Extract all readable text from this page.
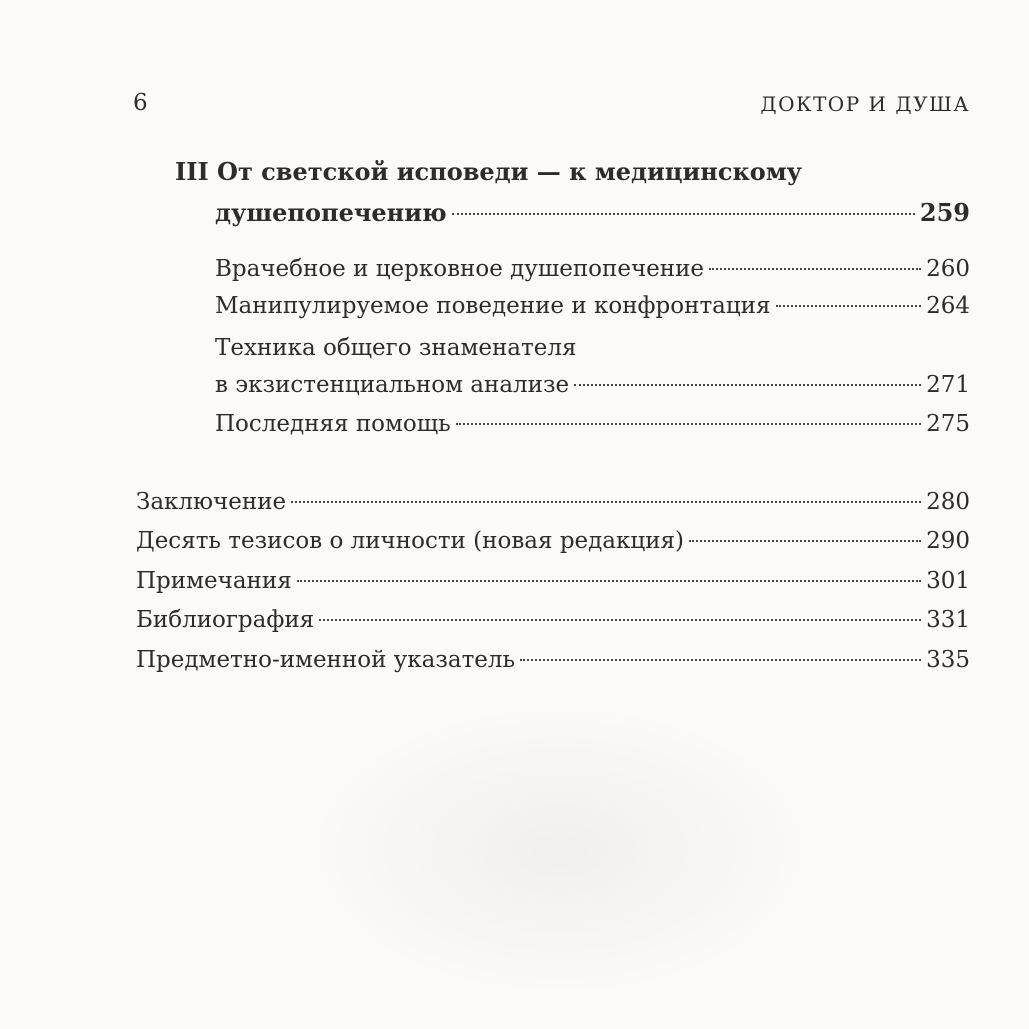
6	ДОКТОР И ДУША
III От светской исповеди — к медицинскому
душепопечению	259
Врачебное и церковное душепопечение	260
Манипулируемое поведение и конфронтация	264
Техника общего знаменателя
в экзистенциальном анализе	271
Последняя помощь	275
Заключение	280
Десять тезисов о личности (новая редакция)	290
Примечания	301
Библиография	331
Предметно-именной указатель	335
